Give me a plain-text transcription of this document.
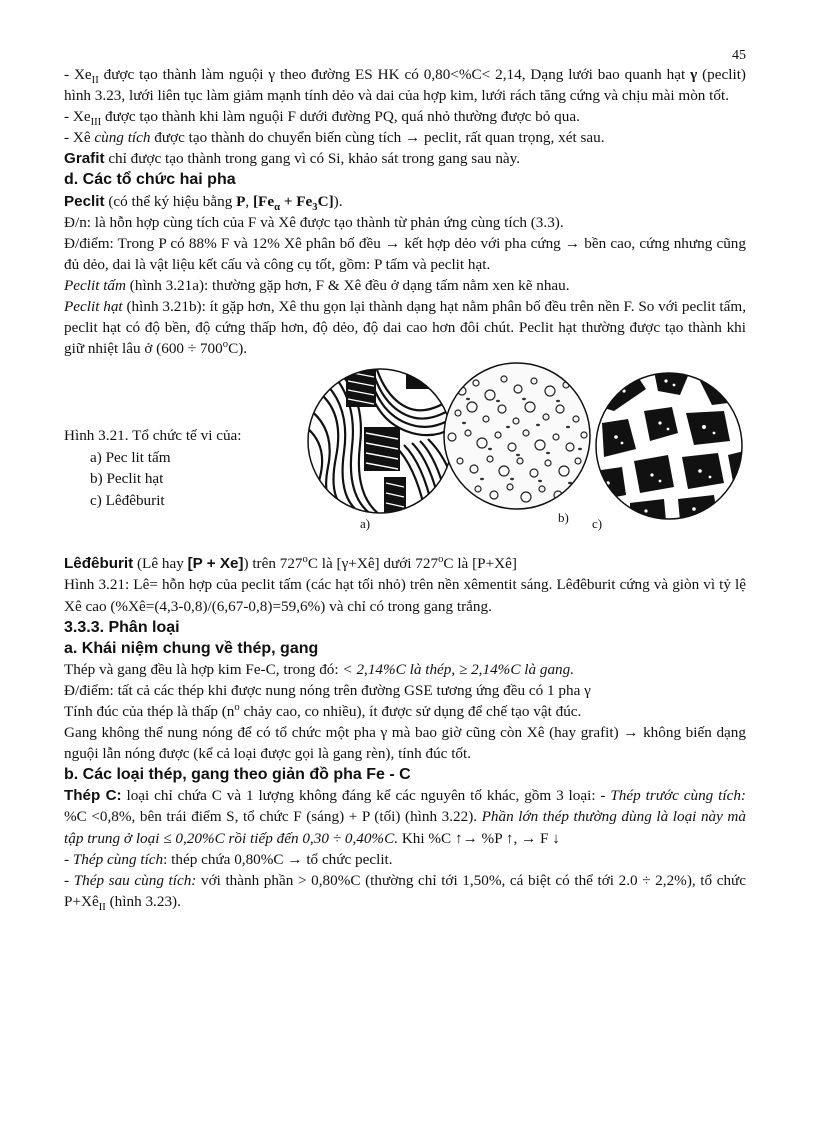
45

- $Xe_{II}$ được tạo thành làm nguội γ theo đường ES HK có 0,80<%C< 2,14, Dạng lưới bao quanh hạt γ (peclit) hình 3.23, lưới liên tục làm giảm mạnh tính dẻo và dai của hợp kim, lưới rách tăng cứng và chịu mài mòn tốt.

- $Xe_{III}$ được tạo thành khi làm nguội F dưới đường PQ, quá nhỏ thường được bỏ qua.

- Xê cùng tích được tạo thành do chuyển biến cùng tích → peclit, rất quan trọng, xét sau.

Grafit chỉ được tạo thành trong gang vì có Si, khảo sát trong gang sau này.

d. Các tổ chức hai pha

Peclit (có thể ký hiệu bằng P, $[Fe_\alpha + Fe_3C]$).

Đ/n: là hỗn hợp cùng tích của F và Xê được tạo thành từ phản ứng cùng tích (3.3).

Đ/điểm: Trong P có 88% F và 12% Xê phân bố đều → kết hợp dẻo với pha cứng → bền cao, cứng nhưng cũng đủ dẻo, dai là vật liệu kết cấu và công cụ tốt, gồm: P tấm và peclit hạt.

Peclit tấm (hình 3.21a): thường gặp hơn, F & Xê đều ở dạng tấm nằm xen kẽ nhau.

Peclit hạt (hình 3.21b): ít gặp hơn, Xê thu gọn lại thành dạng hạt nằm phân bố đều trên nền F. So với peclit tấm, peclit hạt có độ bền, độ cứng thấp hơn, độ dẻo, độ dai cao hơn đôi chút. Peclit hạt thường được tạo thành khi giữ nhiệt lâu ở $(600 \div 700^oC)$.

Hình 3.21. Tổ chức tế vi của:
a) Pec lit tấm
b) Peclit hạt
c) Lêđêburit
a)	b) c)

Lêđêburit (Lê hay [P + Xe]) trên 727$^o$C là [γ+Xê] dưới 727$^o$C là [P+Xê]

Hình 3.21: Lê= hỗn hợp của peclit tấm (các hạt tối nhỏ) trên nền xêmentit sáng. Lêđêburit cứng và giòn vì tỷ lệ Xê cao (%Xê=(4,3-0,8)/(6,67-0,8)=59,6%) và chỉ có trong gang trắng.

3.3.3. Phân loại

a. Khái niệm chung về thép, gang

Thép và gang đều là hợp kim Fe-C, trong đó: < 2,14%C là thép, ≥ 2,14%C là gang.

Đ/điểm: tất cả các thép khi được nung nóng trên đường GSE tương ứng đều có 1 pha γ

Tính đúc của thép là thấp ($n^o$ chảy cao, co nhiều), ít được sử dụng để chế tạo vật đúc.

Gang không thể nung nóng để có tổ chức một pha γ mà bao giờ cũng còn Xê (hay grafit) → không biến dạng nguội lẫn nóng được (kể cả loại được gọi là gang rèn), tính đúc tốt.

b. Các loại thép, gang theo giản đồ pha Fe - C

Thép C: loại chỉ chứa C và 1 lượng không đáng kể các nguyên tố khác, gồm 3 loại: - Thép trước cùng tích: %C <0,8%, bên trái điểm S, tổ chức F (sáng) + P (tối) (hình 3.22). Phần lớn thép thường dùng là loại này mà tập trung ở loại ≤ 0,20%C rồi tiếp đến 0,30 ÷ 0,40%C. Khi %C ↑→ %P ↑, → F ↓

- Thép cùng tích: thép chứa 0,80%C → tổ chức peclit.

- Thép sau cùng tích: với thành phần > 0,80%C (thường chỉ tới 1,50%, cá biệt có thể tới 2.0 ÷ 2,2%), tổ chức $P+Xê_{II}$ (hình 3.23).
